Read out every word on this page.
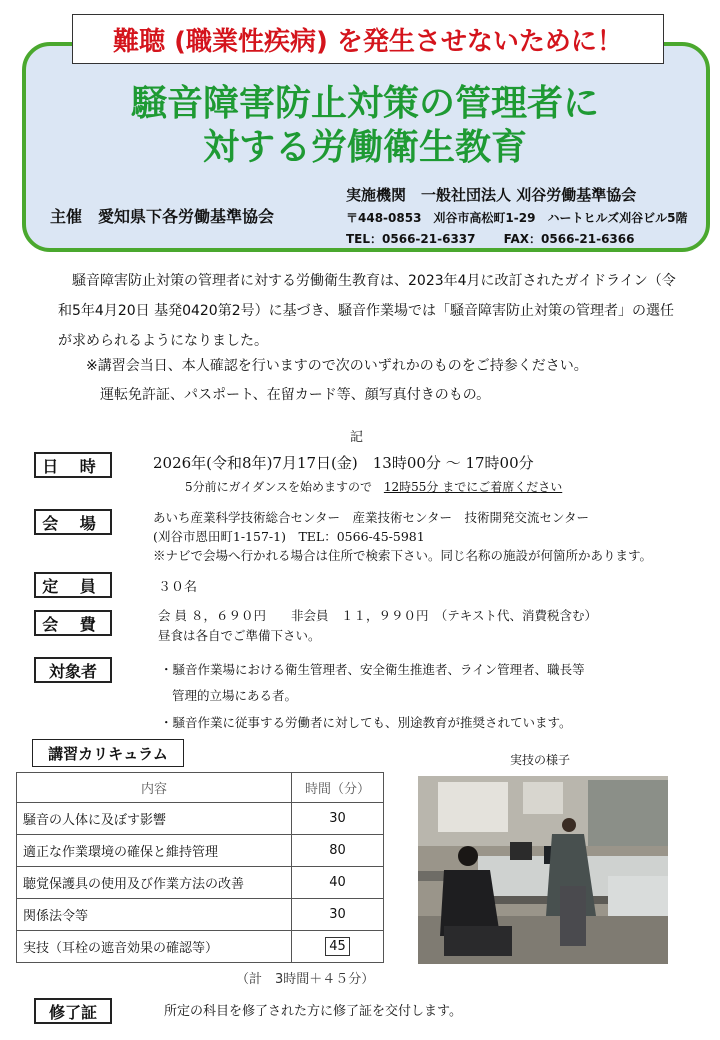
難聴 (職業性疾病) を発生させないために！
騒音障害防止対策の管理者に
対する労働衛生教育
主催　愛知県下各労働基準協会
実施機関　一般社団法人 刈谷労働基準協会
〒448-0853　刈谷市高松町1-29　ハートヒルズ刈谷ビル5階
TEL：0566-21-6337　　 FAX：0566-21-6366

騒音障害防止対策の管理者に対する労働衛生教育は、2023年4月に改訂されたガイドライン（令和5年4月20日 基発0420第2号）に基づき、騒音作業場では「騒音障害防止対策の管理者」の選任が求められるようになりました。

※講習会当日、本人確認を行いますので次のいずれかのものをご持参ください。
運転免許証、パスポート、在留カード等、顔写真付きのもの。
記
日 時	2026年(令和8年)7月17日(金)　13時00分 ～ 17時00分
5分前にガイダンスを始めますので 12時55分 までにご着席ください
会 場	あいち産業科学技術総合センター　産業技術センター　技術開発交流センター
(刈谷市恩田町1-157-1)　TEL：0566-45-5981
※ナビで会場へ行かれる場合は住所で検索下さい。同じ名称の施設が何箇所かあります。
定 員	３０名
会 費	会 員 ８，６９０円　　非会員　１１，９９０円　（テキスト代、消費税含む）
昼食は各自でご準備下さい。
対象者	・騒音作業場における衛生管理者、安全衛生推進者、ライン管理者、職長等
管理的立場にある者。
・騒音作業に従事する労働者に対しても、別途教育が推奨されています。
講習カリキュラム
内容	時間（分）
騒音の人体に及ぼす影響	30
適正な作業環境の確保と維持管理	80
聴覚保護具の使用及び作業方法の改善	40
関係法令等	30
実技（耳栓の遮音効果の確認等）	45
（計　3時間＋４５分）
実技の様子
修了証	所定の科目を修了された方に修了証を交付します。
